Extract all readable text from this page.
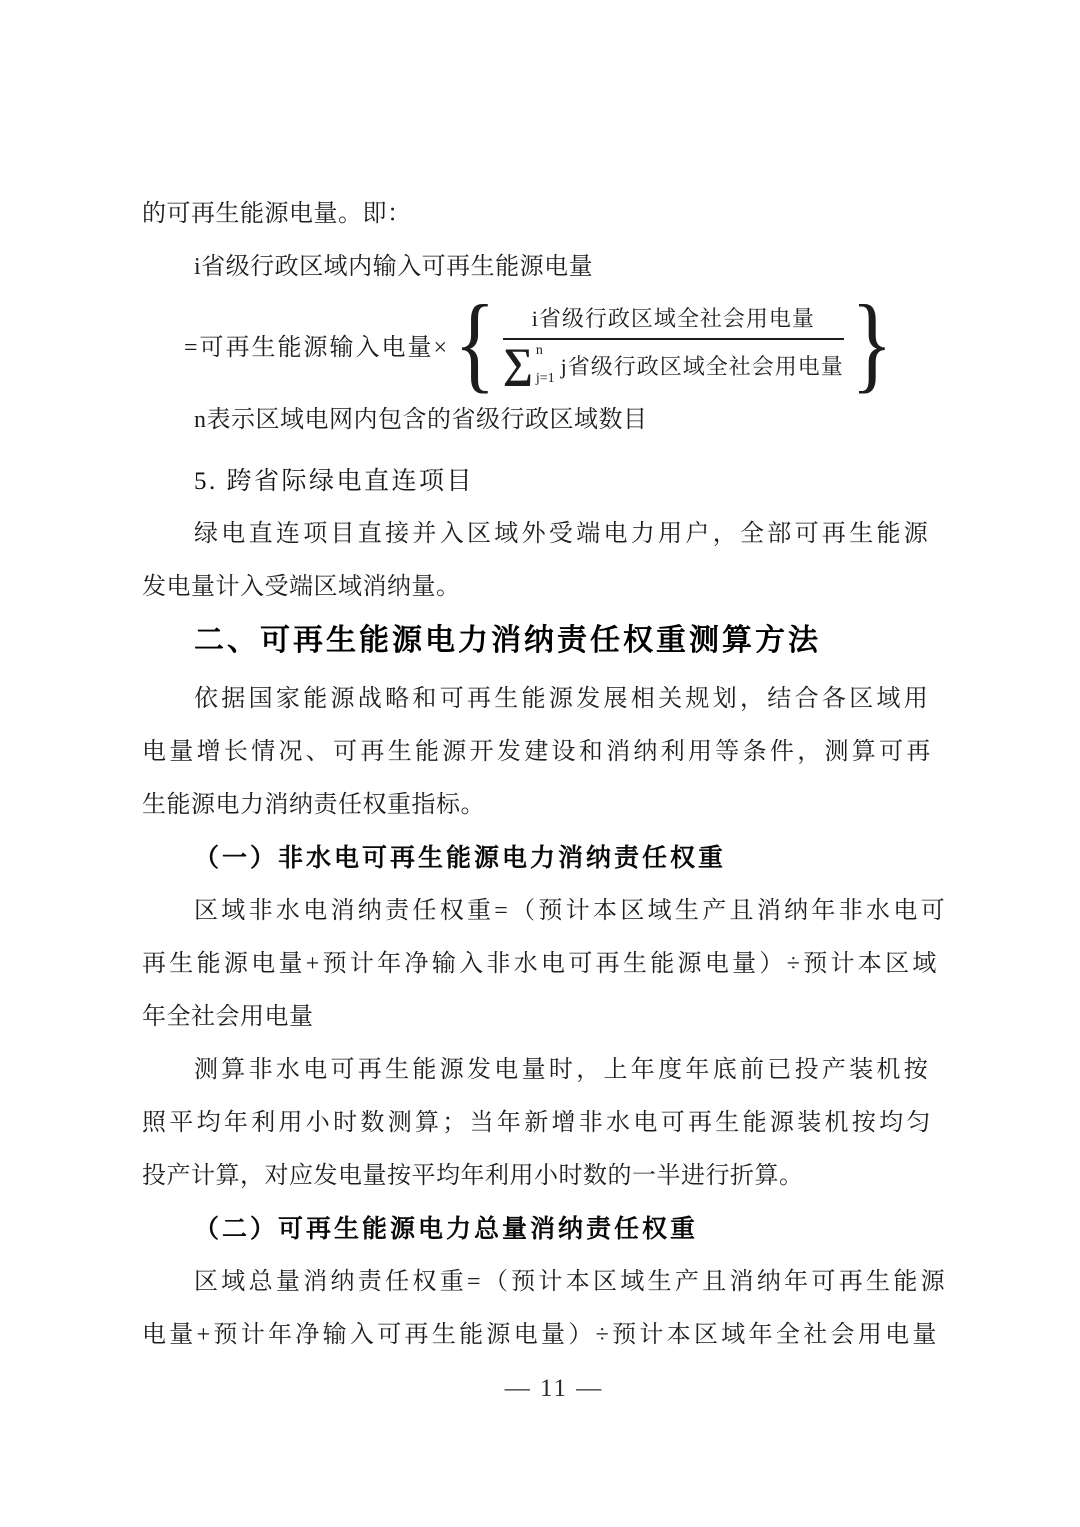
的可再生能源电量。即：
i省级行政区域内输入可再生能源电量
=可再生能源输入电量× {	i省级行政区域全社会用电量
∑ n
j=1 j省级行政区域全社会用电量 }
n表示区域电网内包含的省级行政区域数目
5. 跨省际绿电直连项目
绿电直连项目直接并入区域外受端电力用户，全部可再生能源
发电量计入受端区域消纳量。
二、可再生能源电力消纳责任权重测算方法
依据国家能源战略和可再生能源发展相关规划，结合各区域用
电量增长情况、可再生能源开发建设和消纳利用等条件，测算可再
生能源电力消纳责任权重指标。
（一）非水电可再生能源电力消纳责任权重
区域非水电消纳责任权重=（预计本区域生产且消纳年非水电可
再生能源电量+预计年净输入非水电可再生能源电量）÷预计本区域
年全社会用电量
测算非水电可再生能源发电量时，上年度年底前已投产装机按
照平均年利用小时数测算；当年新增非水电可再生能源装机按均匀
投产计算，对应发电量按平均年利用小时数的一半进行折算。
（二）可再生能源电力总量消纳责任权重
区域总量消纳责任权重=（预计本区域生产且消纳年可再生能源
电量+预计年净输入可再生能源电量）÷预计本区域年全社会用电量
— 11 —
